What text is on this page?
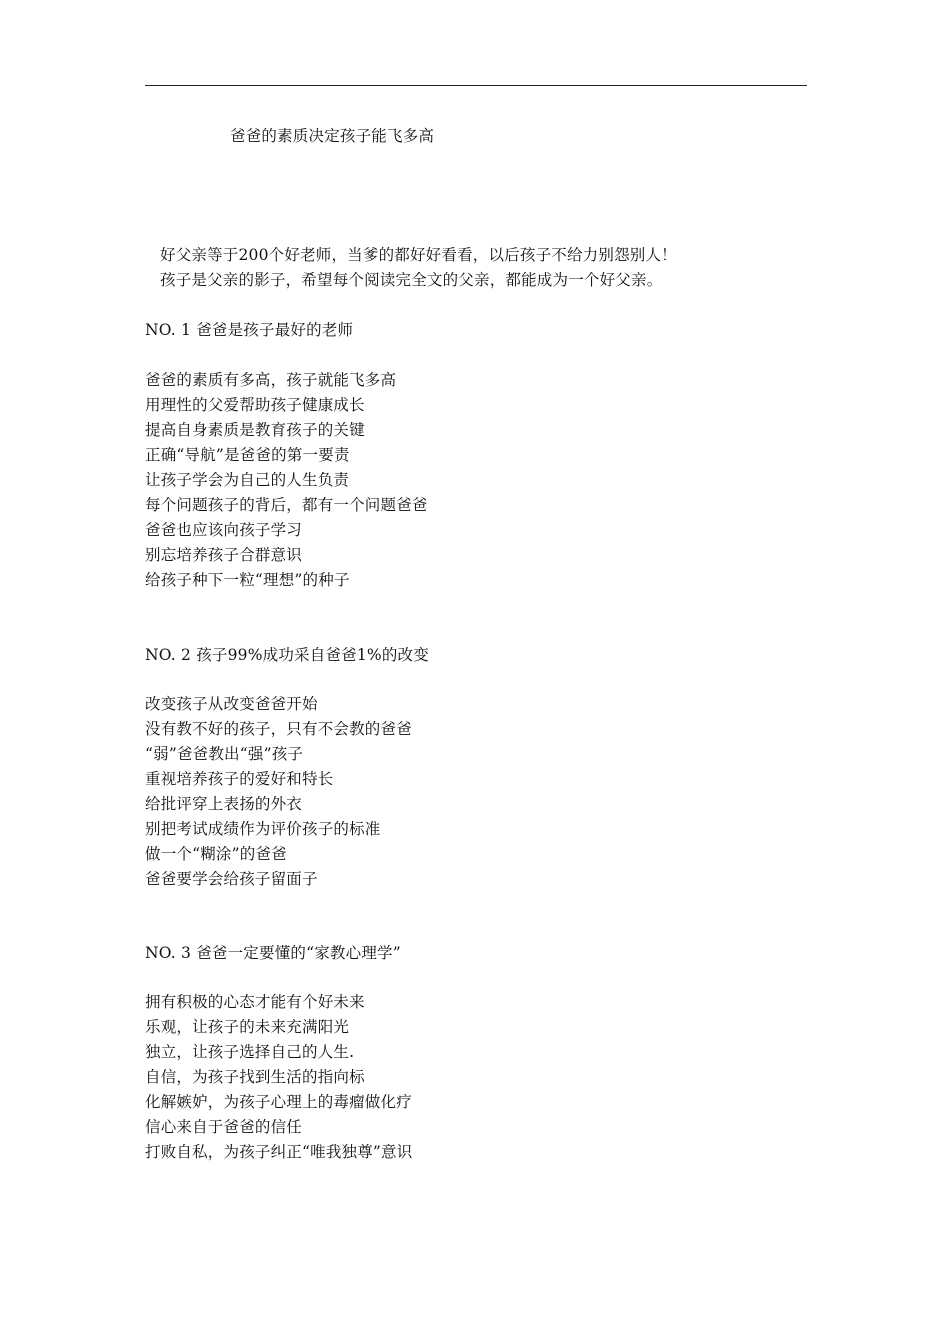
爸爸的素质决定孩子能飞多高
好父亲等于200个好老师，当爹的都好好看看，以后孩子不给力别怨别人！
孩子是父亲的影子，希望每个阅读完全文的父亲，都能成为一个好父亲。
NO. 1 爸爸是孩子最好的老师
爸爸的素质有多高，孩子就能飞多高
用理性的父爱帮助孩子健康成长
提高自身素质是教育孩子的关键
正确“导航”是爸爸的第一要责
让孩子学会为自己的人生负责
每个问题孩子的背后，都有一个问题爸爸
爸爸也应该向孩子学习
别忘培养孩子合群意识
给孩子种下一粒“理想”的种子
NO. 2 孩子99%成功采自爸爸1%的改变
改变孩子从改变爸爸开始
没有教不好的孩子，只有不会教的爸爸
“弱”爸爸教出“强”孩子
重视培养孩子的爱好和特长
给批评穿上表扬的外衣
别把考试成绩作为评价孩子的标准
做一个“糊涂”的爸爸
爸爸要学会给孩子留面子
NO. 3 爸爸一定要懂的“家教心理学”
拥有积极的心态才能有个好未来
乐观，让孩子的未来充满阳光
独立，让孩子选择自己的人生.
自信，为孩子找到生活的指向标
化解嫉妒，为孩子心理上的毒瘤做化疗
信心来自于爸爸的信任
打败自私，为孩子纠正“唯我独尊”意识
